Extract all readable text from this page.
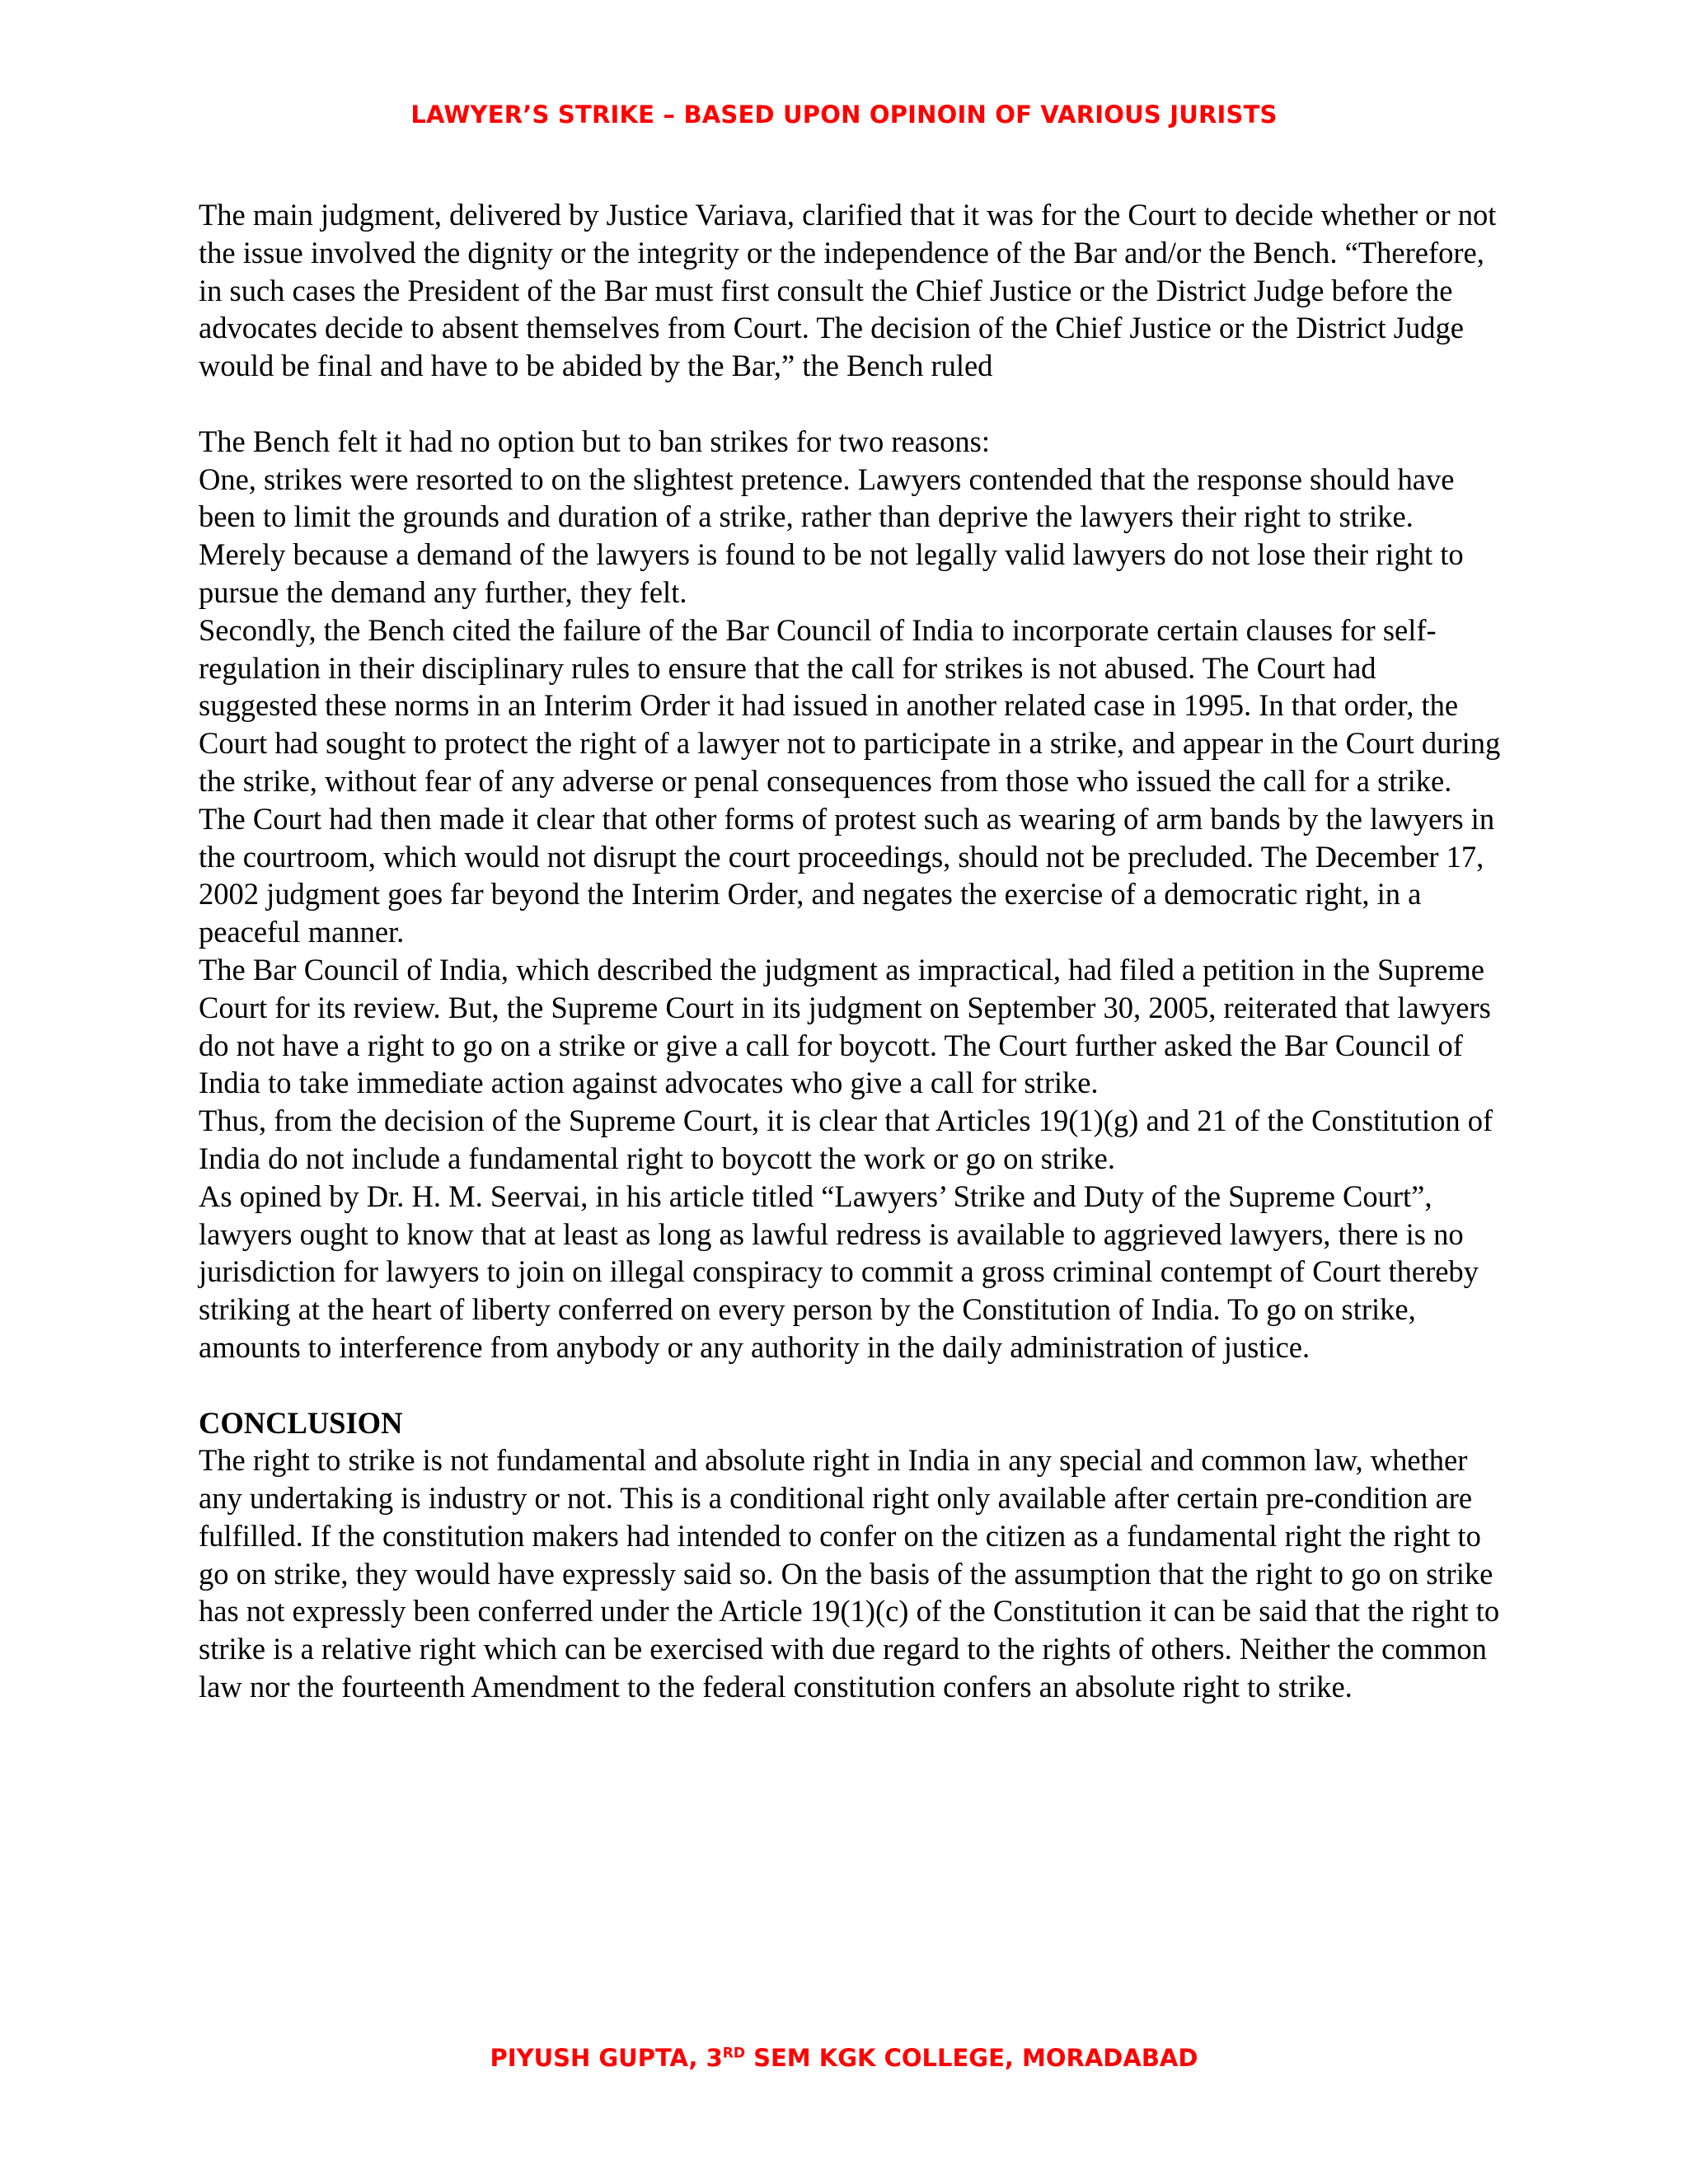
LAWYER’S STRIKE – BASED UPON OPINOIN OF VARIOUS JURISTS

The main judgment, delivered by Justice Variava, clarified that it was for the Court to decide whether or not the issue involved the dignity or the integrity or the independence of the Bar and/or the Bench. “Therefore, in such cases the President of the Bar must first consult the Chief Justice or the District Judge before the advocates decide to absent themselves from Court. The decision of the Chief Justice or the District Judge would be final and have to be abided by the Bar,” the Bench ruled

The Bench felt it had no option but to ban strikes for two reasons:

One, strikes were resorted to on the slightest pretence. Lawyers contended that the response should have been to limit the grounds and duration of a strike, rather than deprive the lawyers their right to strike. Merely because a demand of the lawyers is found to be not legally valid lawyers do not lose their right to pursue the demand any further, they felt.

Secondly, the Bench cited the failure of the Bar Council of India to incorporate certain clauses for self-regulation in their disciplinary rules to ensure that the call for strikes is not abused. The Court had suggested these norms in an Interim Order it had issued in another related case in 1995. In that order, the Court had sought to protect the right of a lawyer not to participate in a strike, and appear in the Court during the strike, without fear of any adverse or penal consequences from those who issued the call for a strike. The Court had then made it clear that other forms of protest such as wearing of arm bands by the lawyers in the courtroom, which would not disrupt the court proceedings, should not be precluded. The December 17, 2002 judgment goes far beyond the Interim Order, and negates the exercise of a democratic right, in a peaceful manner.

The Bar Council of India, which described the judgment as impractical, had filed a petition in the Supreme Court for its review. But, the Supreme Court in its judgment on September 30, 2005, reiterated that lawyers do not have a right to go on a strike or give a call for boycott. The Court further asked the Bar Council of India to take immediate action against advocates who give a call for strike.

Thus, from the decision of the Supreme Court, it is clear that Articles 19(1)(g) and 21 of the Constitution of India do not include a fundamental right to boycott the work or go on strike.

As opined by Dr. H. M. Seervai, in his article titled “Lawyers’ Strike and Duty of the Supreme Court”, lawyers ought to know that at least as long as lawful redress is available to aggrieved lawyers, there is no jurisdiction for lawyers to join on illegal conspiracy to commit a gross criminal contempt of Court thereby striking at the heart of liberty conferred on every person by the Constitution of India. To go on strike, amounts to interference from anybody or any authority in the daily administration of justice.

CONCLUSION

The right to strike is not fundamental and absolute right in India in any special and common law, whether any undertaking is industry or not. This is a conditional right only available after certain pre-condition are fulfilled. If the constitution makers had intended to confer on the citizen as a fundamental right the right to go on strike, they would have expressly said so. On the basis of the assumption that the right to go on strike has not expressly been conferred under the Article 19(1)(c) of the Constitution it can be said that the right to strike is a relative right which can be exercised with due regard to the rights of others. Neither the common law nor the fourteenth Amendment to the federal constitution confers an absolute right to strike.

PIYUSH GUPTA, 3RD SEM KGK COLLEGE, MORADABAD
